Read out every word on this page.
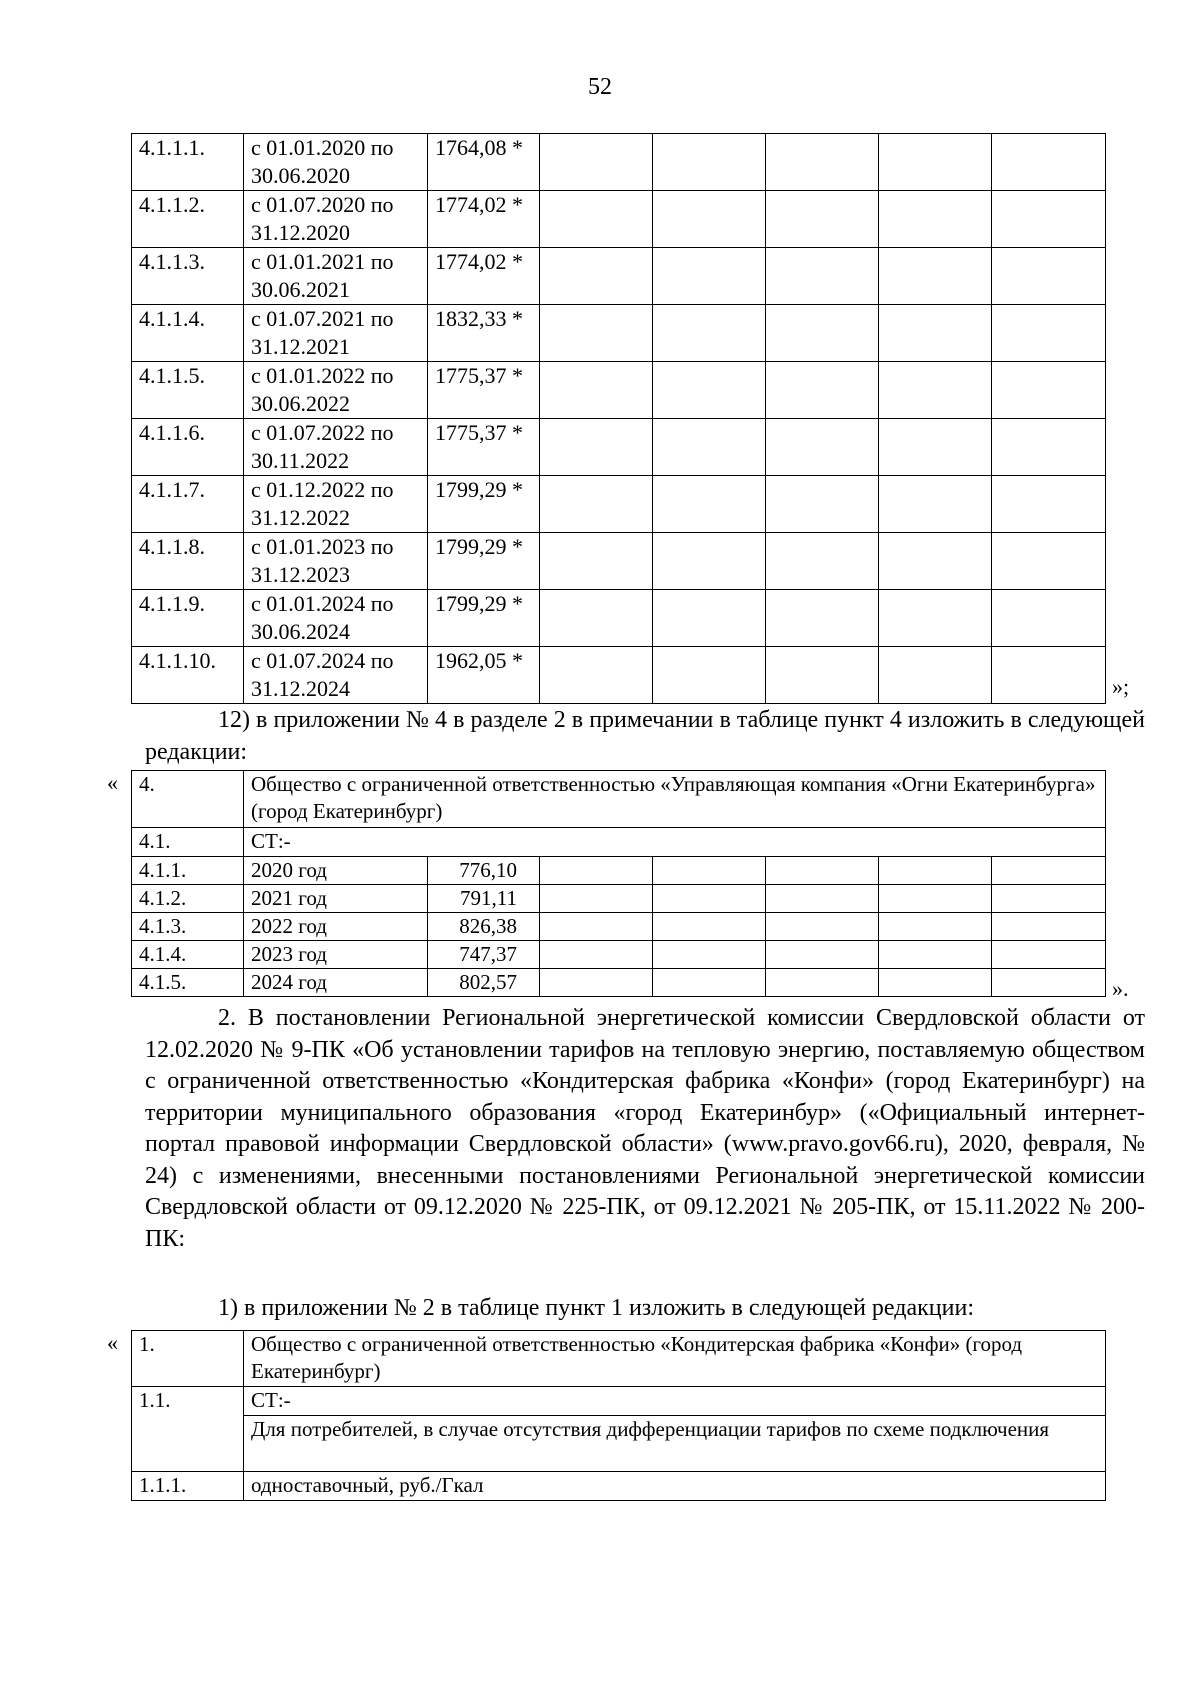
52
4.1.1.1.	с 01.01.2020 по
30.06.2020	1764,08 *					
4.1.1.2.	с 01.07.2020 по
31.12.2020	1774,02 *					
4.1.1.3.	с 01.01.2021 по
30.06.2021	1774,02 *					
4.1.1.4.	с 01.07.2021 по
31.12.2021	1832,33 *					
4.1.1.5.	с 01.01.2022 по
30.06.2022	1775,37 *					
4.1.1.6.	с 01.07.2022 по
30.11.2022	1775,37 *					
4.1.1.7.	с 01.12.2022 по
31.12.2022	1799,29 *					
4.1.1.8.	с 01.01.2023 по
31.12.2023	1799,29 *					
4.1.1.9.	с 01.01.2024 по
30.06.2024	1799,29 *					
4.1.1.10.	с 01.07.2024 по
31.12.2024	1962,05 *					
»;

12) в приложении № 4 в разделе 2 в примечании в таблице пункт 4 изложить в следующей редакции:

« 4.	Общество с ограниченной ответственностью «Управляющая компания «Огни Екатеринбурга» (город Екатеринбург)						
4.1.	СТ:-						
4.1.1.	2020 год	776,10					
4.1.2.	2021 год	791,11					
4.1.3.	2022 год	826,38					
4.1.4.	2023 год	747,37					
4.1.5.	2024 год	802,57						».

2. В постановлении Региональной энергетической комиссии Свердловской области от 12.02.2020 № 9-ПК «Об установлении тарифов на тепловую энергию, поставляемую обществом с ограниченной ответственностью «Кондитерская фабрика «Конфи» (город Екатеринбург) на территории муниципального образования «город Екатеринбур» («Официальный интернет-портал правовой информации Свердловской области» (www.pravo.gov66.ru), 2020, февраля, № 24) с изменениями, внесенными постановлениями Региональной энергетической комиссии Свердловской области от 09.12.2020 № 225-ПК, от 09.12.2021 № 205-ПК, от 15.11.2022 № 200-ПК:

1) в приложении № 2 в таблице пункт 1 изложить в следующей редакции:

« 1.	Общество с ограниченной ответственностью «Кондитерская фабрика «Конфи» (город Екатеринбург)
1.1.	СТ:-
	Для потребителей, в случае отсутствия дифференциации тарифов по схеме подключения
1.1.1.	одноставочный, руб./Гкал
